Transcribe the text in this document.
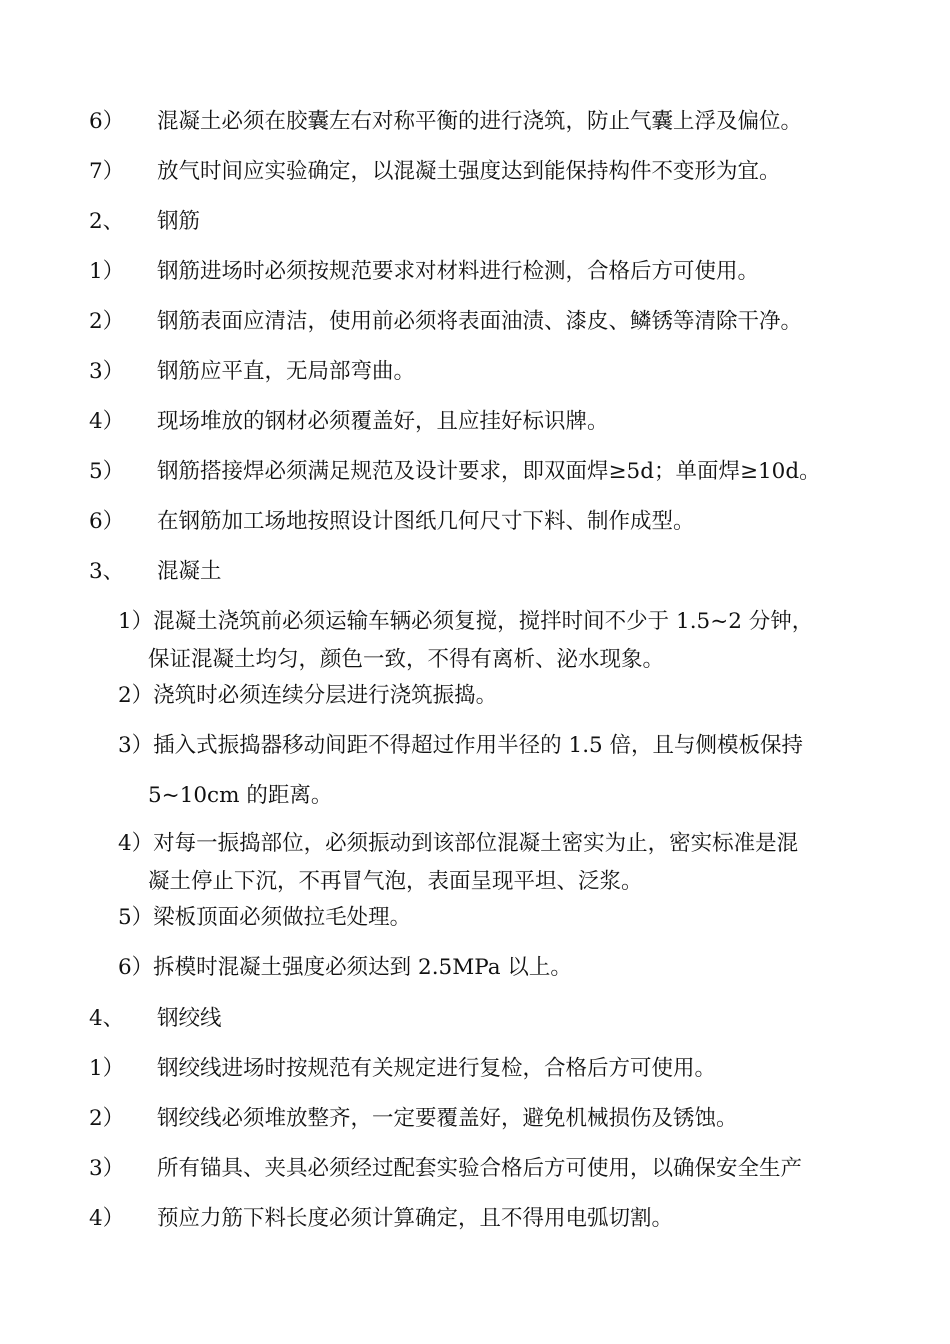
6） 混凝土必须在胶囊左右对称平衡的进行浇筑，防止气囊上浮及偏位。
7） 放气时间应实验确定，以混凝土强度达到能保持构件不变形为宜。
2、 钢筋
1） 钢筋进场时必须按规范要求对材料进行检测，合格后方可使用。
2） 钢筋表面应清洁，使用前必须将表面油渍、漆皮、鳞锈等清除干净。
3） 钢筋应平直，无局部弯曲。
4） 现场堆放的钢材必须覆盖好，且应挂好标识牌。
5） 钢筋搭接焊必须满足规范及设计要求，即双面焊≥5d；单面焊≥10d。
6） 在钢筋加工场地按照设计图纸几何尺寸下料、制作成型。
3、 混凝土
1）混凝土浇筑前必须运输车辆必须复搅，搅拌时间不少于 1.5~2 分钟，
保证混凝土均匀，颜色一致，不得有离析、泌水现象。
2）浇筑时必须连续分层进行浇筑振捣。
3）插入式振捣器移动间距不得超过作用半径的 1.5 倍，且与侧模板保持
5~10cm 的距离。
4）对每一振捣部位，必须振动到该部位混凝土密实为止，密实标准是混
凝土停止下沉，不再冒气泡，表面呈现平坦、泛浆。
5）梁板顶面必须做拉毛处理。
6）拆模时混凝土强度必须达到 2.5MPa 以上。
4、 钢绞线
1） 钢绞线进场时按规范有关规定进行复检，合格后方可使用。
2） 钢绞线必须堆放整齐，一定要覆盖好，避免机械损伤及锈蚀。
3） 所有锚具、夹具必须经过配套实验合格后方可使用，以确保安全生产
4） 预应力筋下料长度必须计算确定，且不得用电弧切割。
